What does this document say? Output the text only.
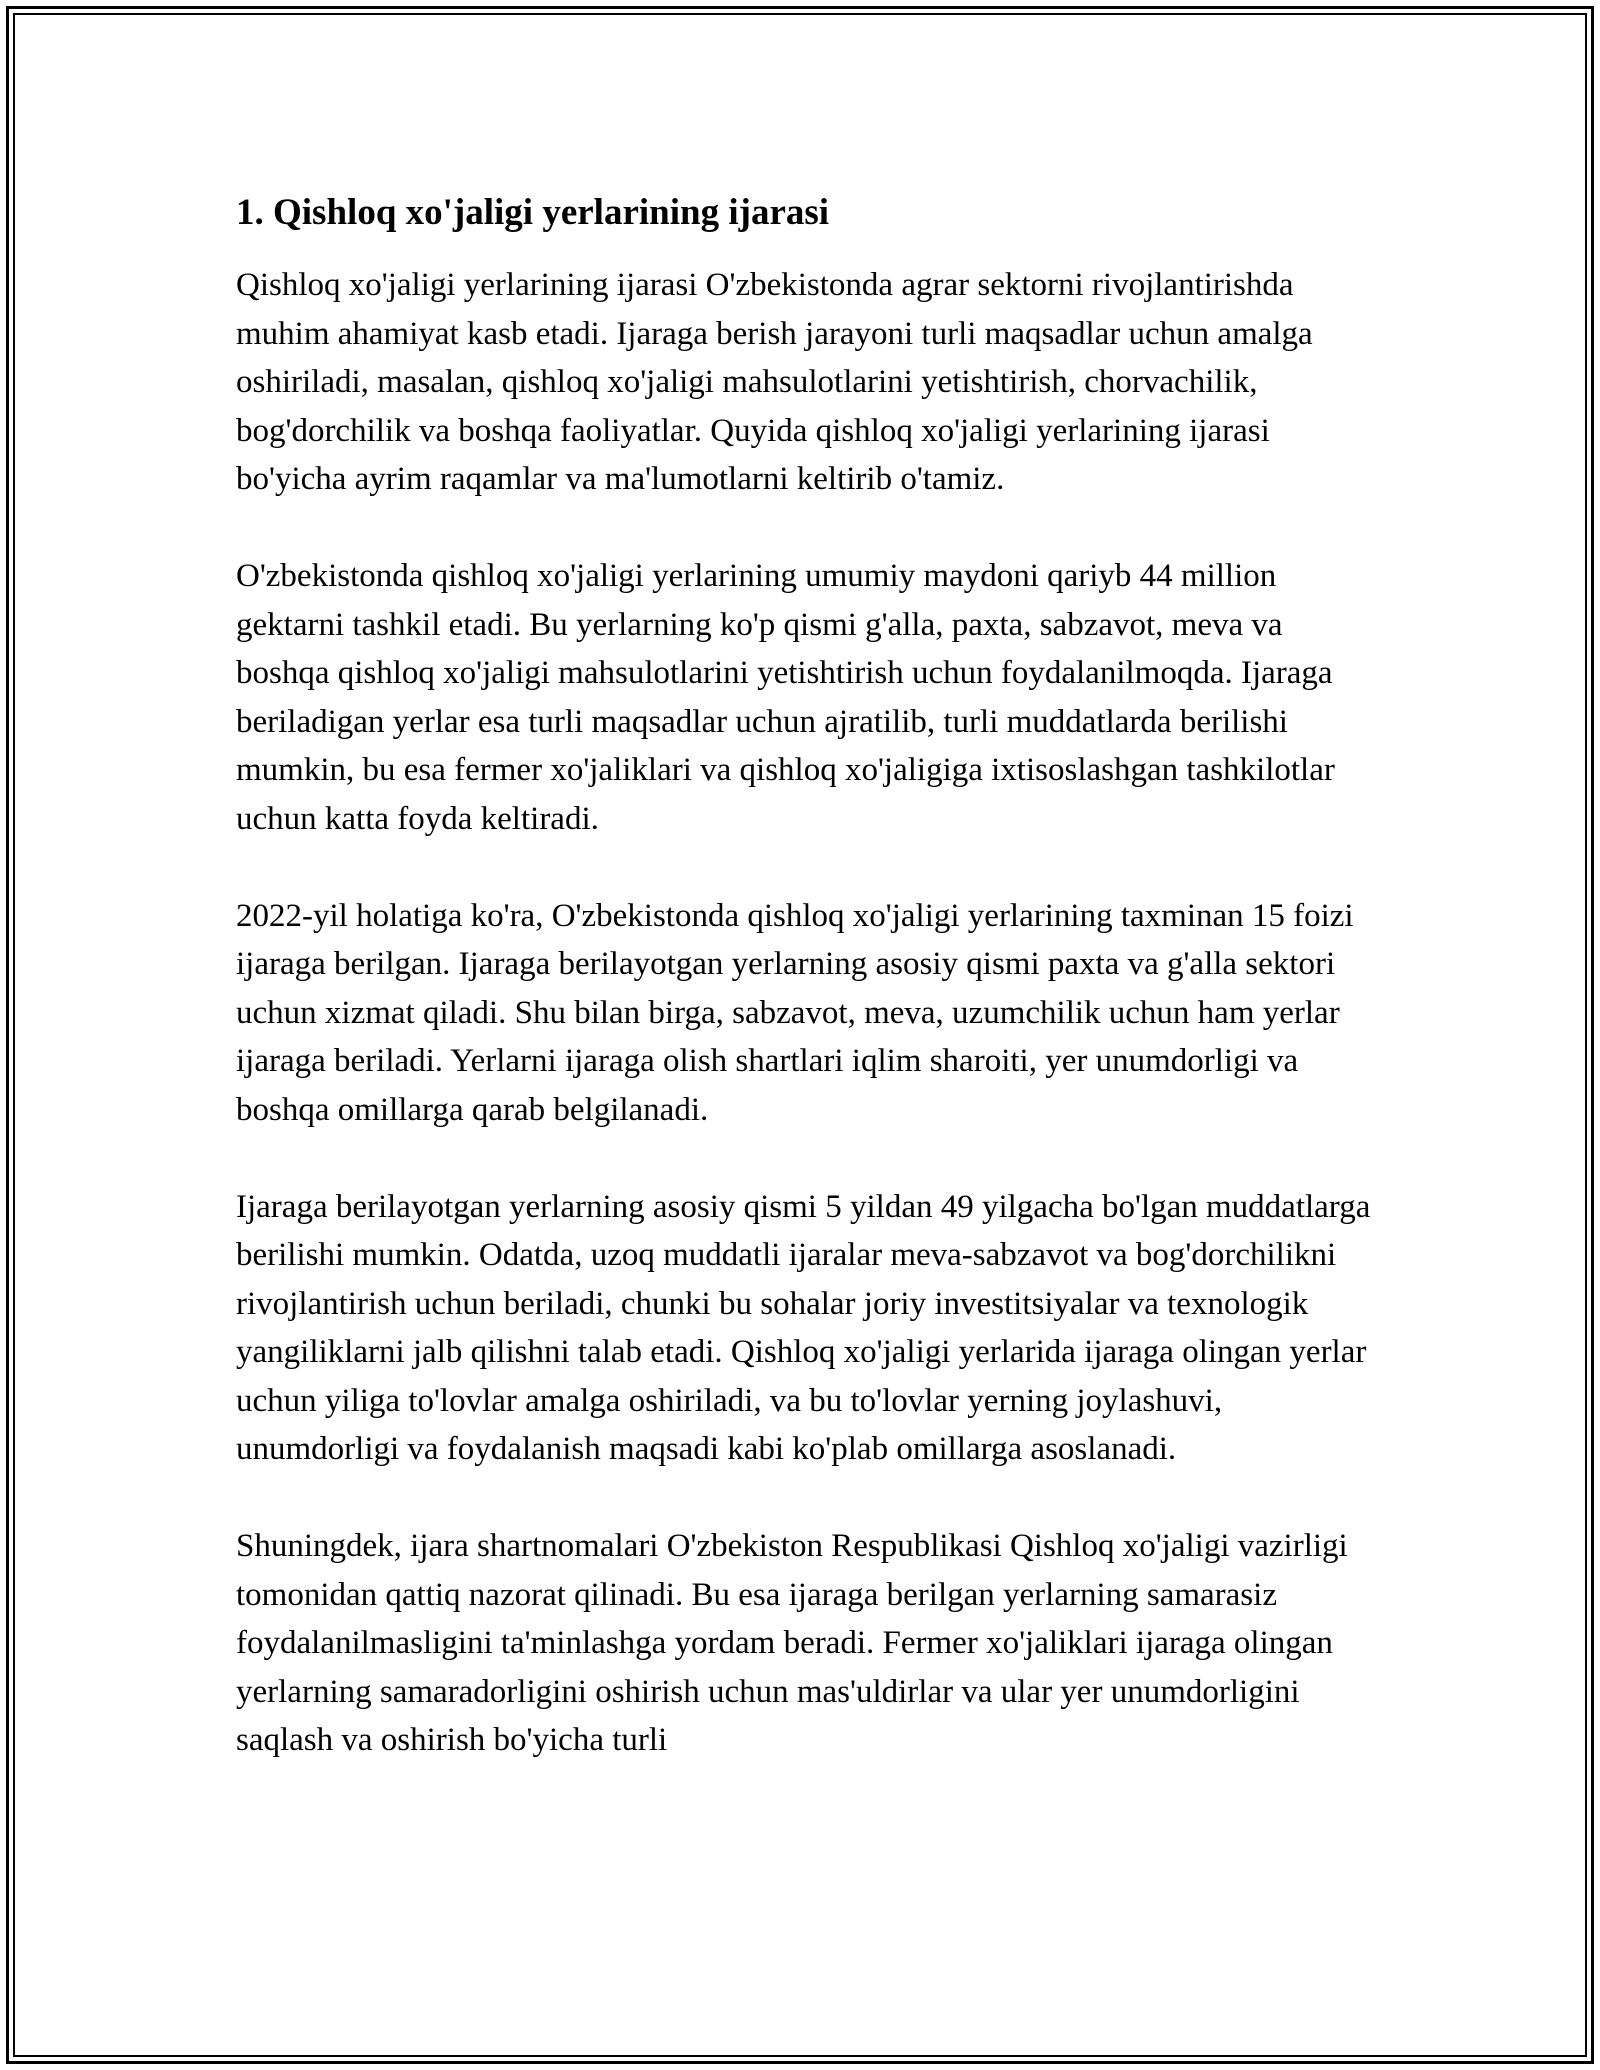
1. Qishloq xo'jaligi yerlarining ijarasi

Qishloq xo'jaligi yerlarining ijarasi O'zbekistonda agrar sektorni rivojlantirishda muhim ahamiyat kasb etadi. Ijaraga berish jarayoni turli maqsadlar uchun amalga oshiriladi, masalan, qishloq xo'jaligi mahsulotlarini yetishtirish, chorvachilik, bog'dorchilik va boshqa faoliyatlar. Quyida qishloq xo'jaligi yerlarining ijarasi bo'yicha ayrim raqamlar va ma'lumotlarni keltirib o'tamiz.

O'zbekistonda qishloq xo'jaligi yerlarining umumiy maydoni qariyb 44 million gektarni tashkil etadi. Bu yerlarning ko'p qismi g'alla, paxta, sabzavot, meva va boshqa qishloq xo'jaligi mahsulotlarini yetishtirish uchun foydalanilmoqda. Ijaraga beriladigan yerlar esa turli maqsadlar uchun ajratilib, turli muddatlarda berilishi mumkin, bu esa fermer xo'jaliklari va qishloq xo'jaligiga ixtisoslashgan tashkilotlar uchun katta foyda keltiradi.

2022-yil holatiga ko'ra, O'zbekistonda qishloq xo'jaligi yerlarining taxminan 15 foizi ijaraga berilgan. Ijaraga berilayotgan yerlarning asosiy qismi paxta va g'alla sektori uchun xizmat qiladi. Shu bilan birga, sabzavot, meva, uzumchilik uchun ham yerlar ijaraga beriladi. Yerlarni ijaraga olish shartlari iqlim sharoiti, yer unumdorligi va boshqa omillarga qarab belgilanadi.

Ijaraga berilayotgan yerlarning asosiy qismi 5 yildan 49 yilgacha bo'lgan muddatlarga berilishi mumkin. Odatda, uzoq muddatli ijaralar meva-sabzavot va bog'dorchilikni rivojlantirish uchun beriladi, chunki bu sohalar joriy investitsiyalar va texnologik yangiliklarni jalb qilishni talab etadi. Qishloq xo'jaligi yerlarida ijaraga olingan yerlar uchun yiliga to'lovlar amalga oshiriladi, va bu to'lovlar yerning joylashuvi, unumdorligi va foydalanish maqsadi kabi ko'plab omillarga asoslanadi.

Shuningdek, ijara shartnomalari O'zbekiston Respublikasi Qishloq xo'jaligi vazirligi tomonidan qattiq nazorat qilinadi. Bu esa ijaraga berilgan yerlarning samarasiz foydalanilmasligini ta'minlashga yordam beradi. Fermer xo'jaliklari ijaraga olingan yerlarning samaradorligini oshirish uchun mas'uldirlar va ular yer unumdorligini saqlash va oshirish bo'yicha turli
